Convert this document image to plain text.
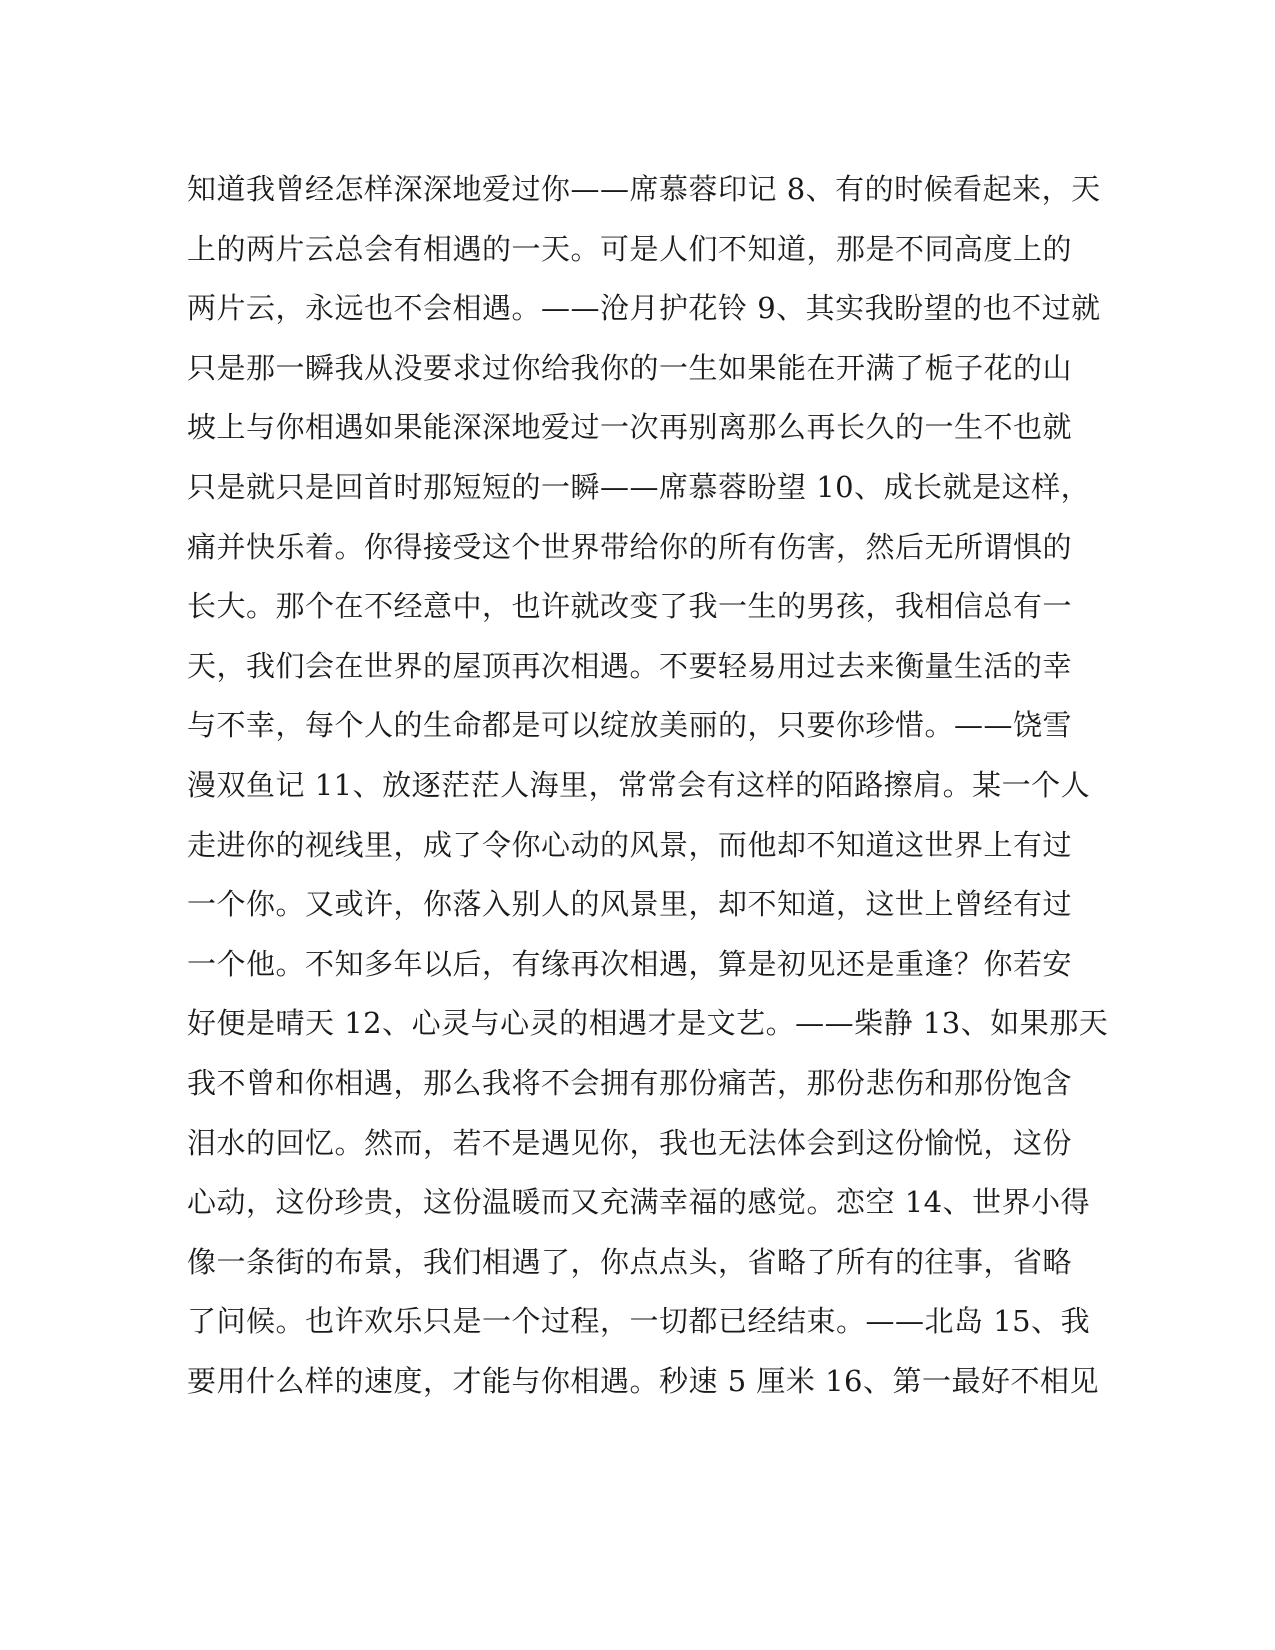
知道我曾经怎样深深地爱过你——席慕蓉印记 8、有的时候看起来，天
上的两片云总会有相遇的一天。可是人们不知道，那是不同高度上的
两片云，永远也不会相遇。——沧月护花铃 9、其实我盼望的也不过就
只是那一瞬我从没要求过你给我你的一生如果能在开满了栀子花的山
坡上与你相遇如果能深深地爱过一次再别离那么再长久的一生不也就
只是就只是回首时那短短的一瞬——席慕蓉盼望 10、成长就是这样，
痛并快乐着。你得接受这个世界带给你的所有伤害，然后无所谓惧的
长大。那个在不经意中，也许就改变了我一生的男孩，我相信总有一
天，我们会在世界的屋顶再次相遇。不要轻易用过去来衡量生活的幸
与不幸，每个人的生命都是可以绽放美丽的，只要你珍惜。——饶雪
漫双鱼记 11、放逐茫茫人海里，常常会有这样的陌路擦肩。某一个人
走进你的视线里，成了令你心动的风景，而他却不知道这世界上有过
一个你。又或许，你落入别人的风景里，却不知道，这世上曾经有过
一个他。不知多年以后，有缘再次相遇，算是初见还是重逢？你若安
好便是晴天 12、心灵与心灵的相遇才是文艺。——柴静 13、如果那天
我不曾和你相遇，那么我将不会拥有那份痛苦，那份悲伤和那份饱含
泪水的回忆。然而，若不是遇见你，我也无法体会到这份愉悦，这份
心动，这份珍贵，这份温暖而又充满幸福的感觉。恋空 14、世界小得
像一条街的布景，我们相遇了，你点点头，省略了所有的往事，省略
了问候。也许欢乐只是一个过程，一切都已经结束。——北岛 15、我
要用什么样的速度，才能与你相遇。秒速 5 厘米 16、第一最好不相见
